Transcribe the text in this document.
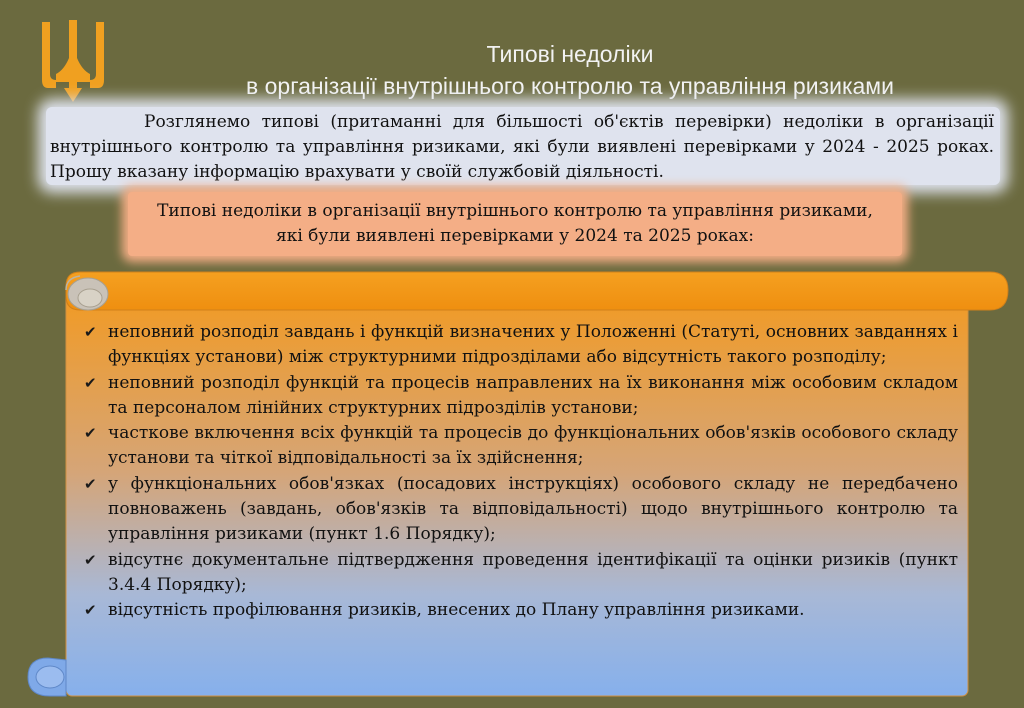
Типові недоліки
в організації внутрішнього контролю та управління ризиками

Розглянемо типові (притаманні для більшості об'єктів перевірки) недоліки в організації внутрішнього контролю та управління ризиками, які були виявлені перевірками у 2024 - 2025 роках. Прошу вказану інформацію врахувати у своїй службовій діяльності.

Типові недоліки в організації внутрішнього контролю та управління ризиками,
які були виявлені перевірками у 2024 та 2025 роках:
✔ неповний розподіл завдань і функцій визначених у Положенні (Статуті, основних завданнях і функціях установи) між структурними підрозділами або відсутність такого розподілу;
✔ неповний розподіл функцій та процесів направлених на їх виконання між особовим складом та персоналом лінійних структурних підрозділів установи;
✔ часткове включення всіх функцій та процесів до функціональних обов'язків особового складу установи та чіткої відповідальності за їх здійснення;
✔ у функціональних обов'язках (посадових інструкціях) особового складу не передбачено повноважень (завдань, обов'язків та відповідальності) щодо внутрішнього контролю та управління ризиками (пункт 1.6 Порядку);
✔ відсутнє документальне підтвердження проведення ідентифікації та оцінки ризиків (пункт 3.4.4 Порядку);
✔ відсутність профілювання ризиків, внесених до Плану управління ризиками.
